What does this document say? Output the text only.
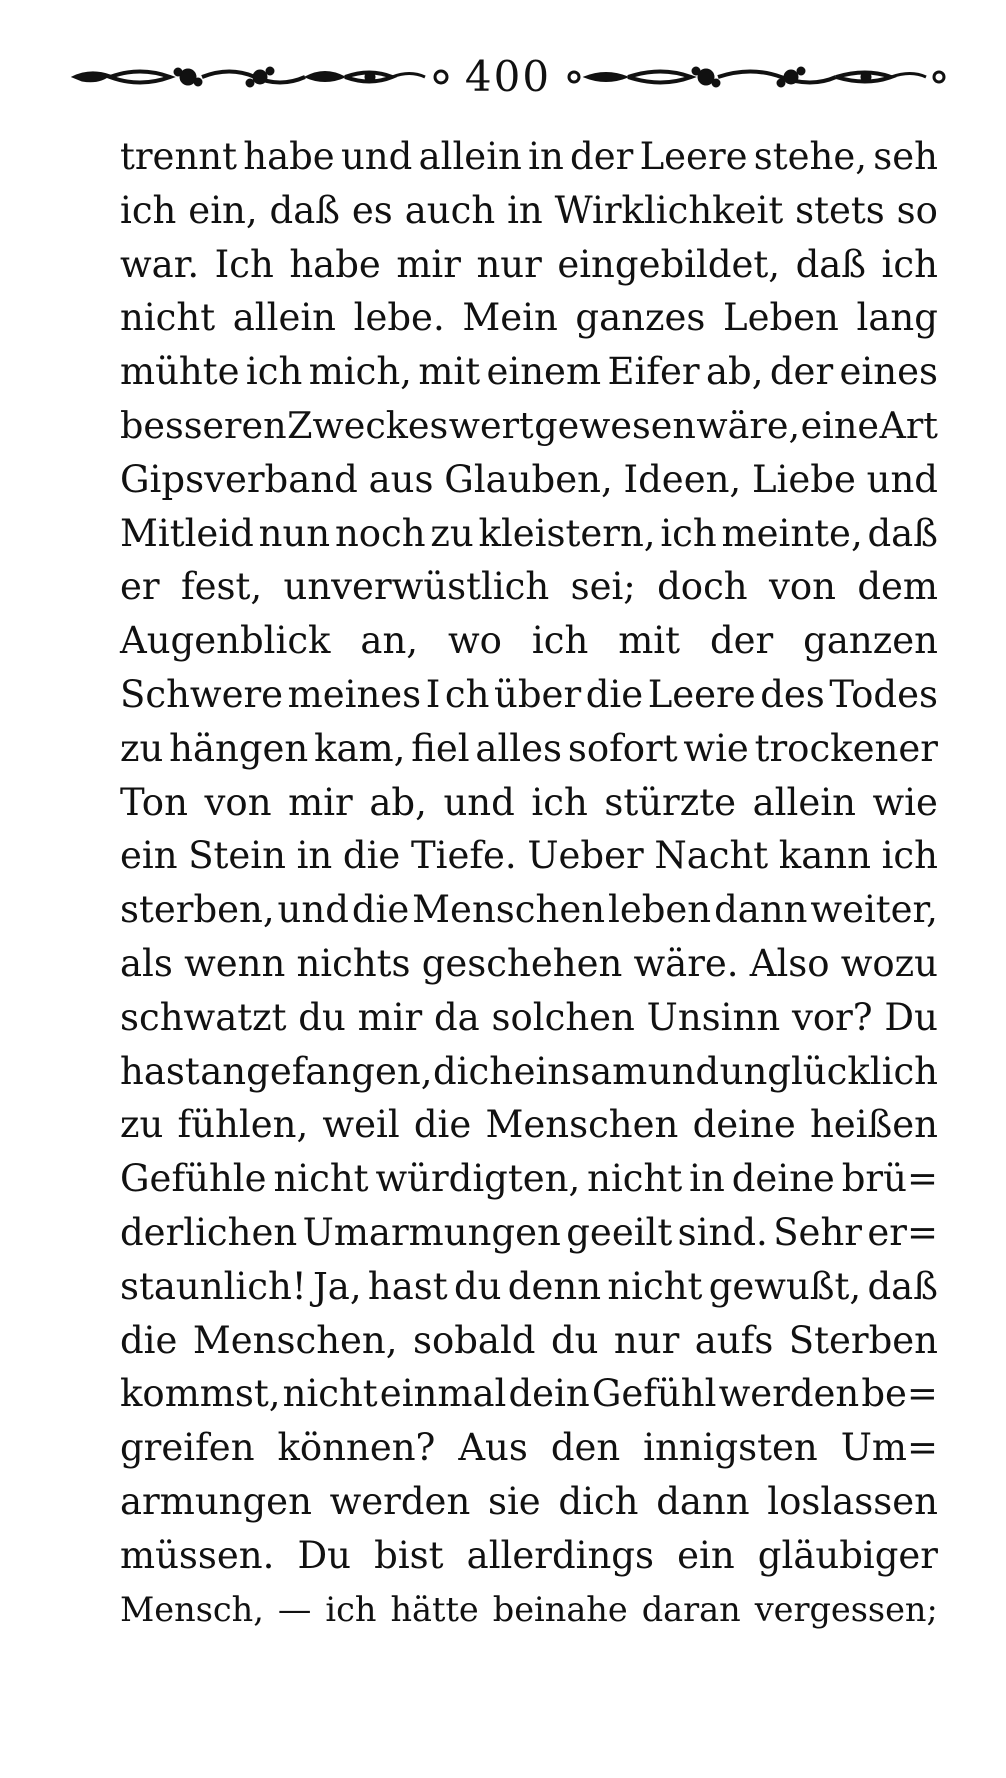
400
trennt habe und allein in der Leere stehe, seh
ich ein, daß es auch in Wirklichkeit stets so
war. Ich habe mir nur eingebildet, daß ich
nicht allein lebe. Mein ganzes Leben lang
mühte ich mich, mit einem Eifer ab, der eines
besseren Zweckes wert gewesen wäre, eine Art
Gipsverband aus Glauben, Ideen, Liebe und
Mitleid nun noch zu kleistern, ich meinte, daß
er fest, unverwüstlich sei; doch von dem
Augenblick an, wo ich mit der ganzen
Schwere meines I ch über die Leere des Todes
zu hängen kam, fiel alles sofort wie trockener
Ton von mir ab, und ich stürzte allein wie
ein Stein in die Tiefe. Ueber Nacht kann ich
sterben, und die Menschen leben dann weiter,
als wenn nichts geschehen wäre. Also wozu
schwatzt du mir da solchen Unsinn vor? Du
hast angefangen, dich einsam und unglücklich
zu fühlen, weil die Menschen deine heißen
Gefühle nicht würdigten, nicht in deine brü=
derlichen Umarmungen geeilt sind. Sehr er=
staunlich! Ja, hast du denn nicht gewußt, daß
die Menschen, sobald du nur aufs Sterben
kommst, nicht einmal dein Gefühl werden be=
greifen können? Aus den innigsten Um=
armungen werden sie dich dann loslassen
müssen. Du bist allerdings ein gläubiger
Mensch, — ich hätte beinahe daran vergessen;
